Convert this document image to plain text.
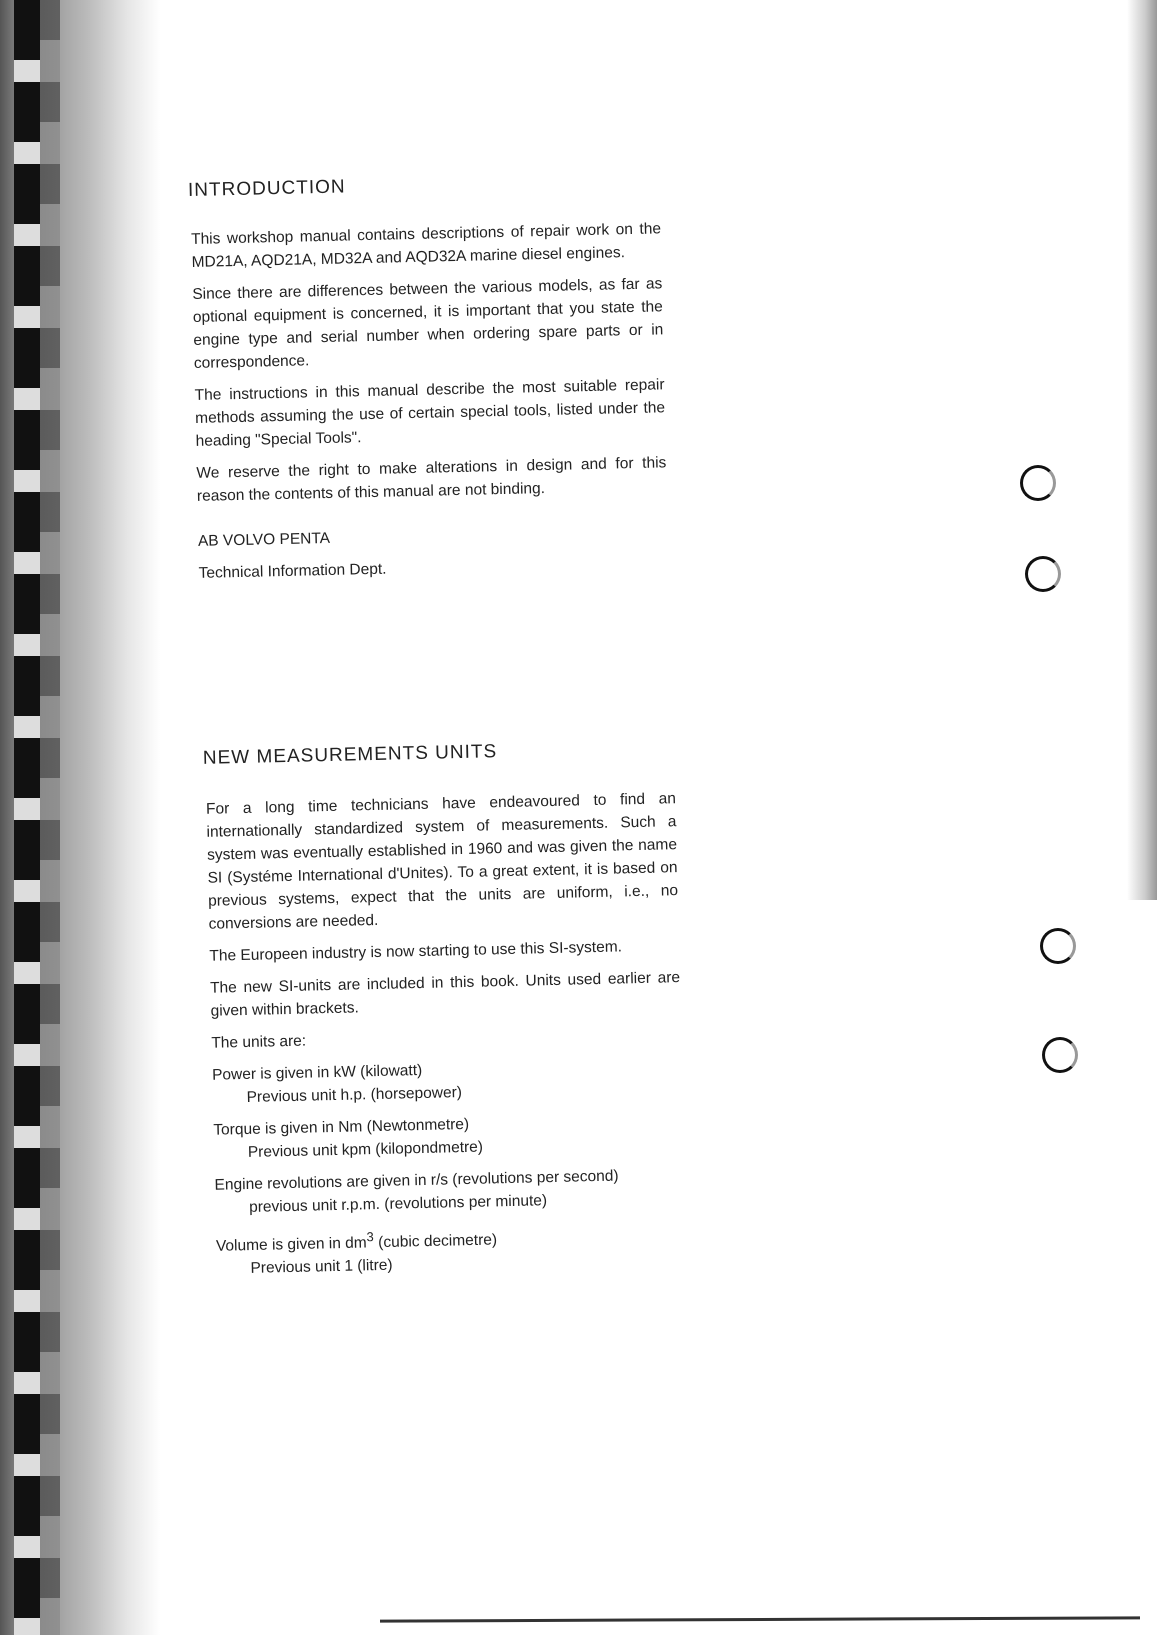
INTRODUCTION

This workshop manual contains descriptions of repair work on the MD21A, AQD21A, MD32A and AQD32A marine diesel engines.

Since there are differences between the various models, as far as optional equipment is concerned, it is important that you state the engine type and serial number when ordering spare parts or in correspondence.

The instructions in this manual describe the most suitable repair methods assuming the use of certain special tools, listed under the heading "Special Tools".

We reserve the right to make alterations in design and for this reason the contents of this manual are not binding.

AB VOLVO PENTA

Technical Information Dept.

NEW MEASUREMENTS UNITS

For a long time technicians have endeavoured to find an internationally standardized system of measurements. Such a system was eventually established in 1960 and was given the name SI (Systéme International d'Unites). To a great extent, it is based on previous systems, expect that the units are uniform, i.e., no conversions are needed.

The Europeen industry is now starting to use this SI-system.

The new SI-units are included in this book. Units used earlier are given within brackets.

The units are:

Power is given in kW (kilowatt)

Previous unit h.p. (horsepower)

Torque is given in Nm (Newtonmetre)

Previous unit kpm (kilopondmetre)

Engine revolutions are given in r/s (revolutions per second)

previous unit r.p.m. (revolutions per minute)

Volume is given in $dm^3$ (cubic decimetre)

Previous unit 1 (litre)
